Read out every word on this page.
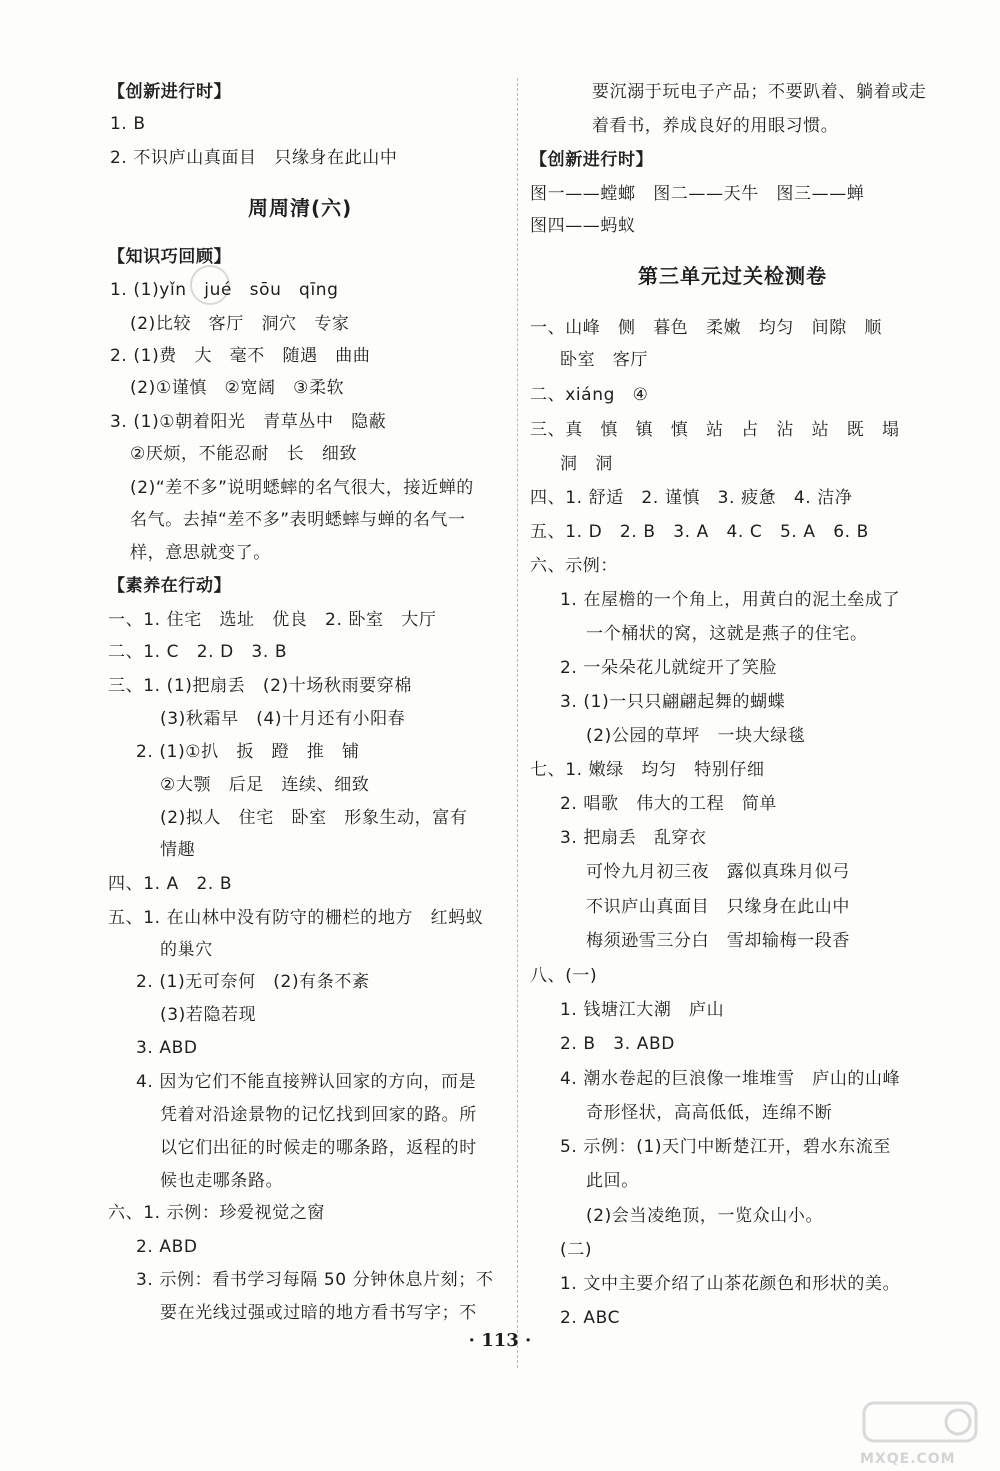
【创新进行时】
1. B
2. 不识庐山真面目　只缘身在此山中
周周清(六)
【知识巧回顾】
1. (1)yǐn　jué　sōu　qīng
(2)比较　客厅　洞穴　专家
2. (1)费　大　毫不　随遇　曲曲
(2)①谨慎　②宽阔　③柔软
3. (1)①朝着阳光　青草丛中　隐蔽
②厌烦，不能忍耐　长　细致
(2)“差不多”说明蟋蟀的名气很大，接近蝉的
名气。去掉“差不多”表明蟋蟀与蝉的名气一
样，意思就变了。
【素养在行动】
一、1. 住宅　选址　优良　2. 卧室　大厅
二、1. C　2. D　3. B
三、1. (1)把扇丢　(2)十场秋雨要穿棉
(3)秋霜早　(4)十月还有小阳春
2. (1)①扒　扳　蹬　推　铺
②大颚　后足　连续、细致
(2)拟人　住宅　卧室　形象生动，富有
情趣
四、1. A　2. B
五、1. 在山林中没有防守的栅栏的地方　红蚂蚁
的巢穴
2. (1)无可奈何　(2)有条不紊
(3)若隐若现
3. ABD
4. 因为它们不能直接辨认回家的方向，而是
凭着对沿途景物的记忆找到回家的路。所
以它们出征的时候走的哪条路，返程的时
候也走哪条路。
六、1. 示例：珍爱视觉之窗
2. ABD
3. 示例：看书学习每隔 50 分钟休息片刻；不
要在光线过强或过暗的地方看书写字；不
要沉溺于玩电子产品；不要趴着、躺着或走
着看书，养成良好的用眼习惯。
【创新进行时】
图一——螳螂　图二——天牛　图三——蝉
图四——蚂蚁
第三单元过关检测卷
一、山峰　侧　暮色　柔嫩　均匀　间隙　顺
卧室　客厅
二、xiáng　④
三、真　慎　镇　慎　站　占　沾　站　既　塌
洞　洞
四、1. 舒适　2. 谨慎　3. 疲惫　4. 洁净
五、1. D　2. B　3. A　4. C　5. A　6. B
六、示例：
1. 在屋檐的一个角上，用黄白的泥土垒成了
一个桶状的窝，这就是燕子的住宅。
2. 一朵朵花儿就绽开了笑脸
3. (1)一只只翩翩起舞的蝴蝶
(2)公园的草坪　一块大绿毯
七、1. 嫩绿　均匀　特别仔细
2. 唱歌　伟大的工程　简单
3. 把扇丢　乱穿衣
可怜九月初三夜　露似真珠月似弓
不识庐山真面目　只缘身在此山中
梅须逊雪三分白　雪却输梅一段香
八、(一)
1. 钱塘江大潮　庐山
2. B　3. ABD
4. 潮水卷起的巨浪像一堆堆雪　庐山的山峰
奇形怪状，高高低低，连绵不断
5. 示例：(1)天门中断楚江开，碧水东流至
此回。
(2)会当凌绝顶，一览众山小。
(二)
1. 文中主要介绍了山茶花颜色和形状的美。
2. ABC
· 113 ·
MXQE.COM
